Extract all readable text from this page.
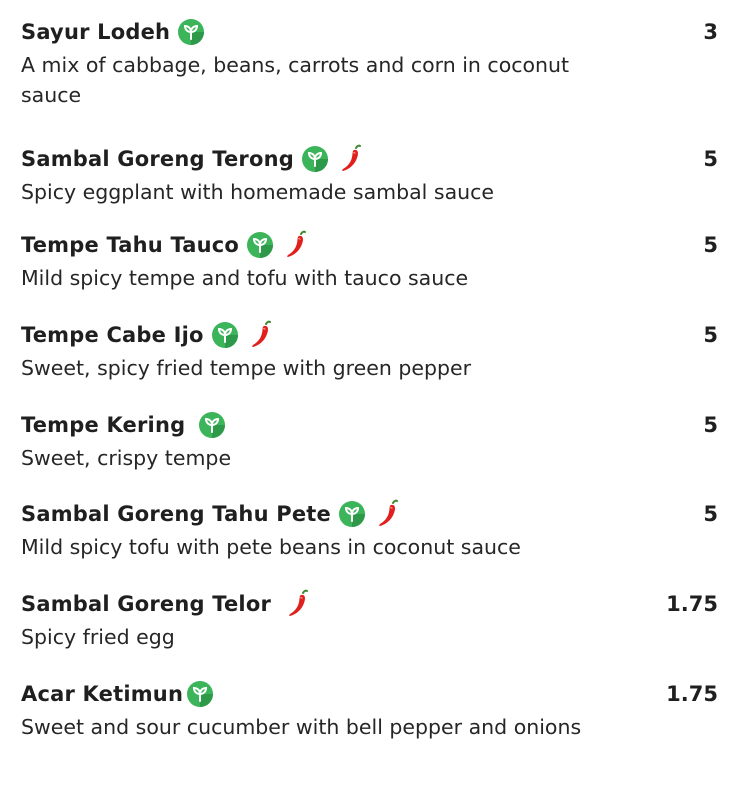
Sayur Lodeh	3
A mix of cabbage, beans, carrots and corn in coconut sauce
Sambal Goreng Terong	5
Spicy eggplant with homemade sambal sauce
Tempe Tahu Tauco	5
Mild spicy tempe and tofu with tauco sauce
Tempe Cabe Ijo	5
Sweet, spicy fried tempe with green pepper
Tempe Kering	5
Sweet, crispy tempe
Sambal Goreng Tahu Pete	5
Mild spicy tofu with pete beans in coconut sauce
Sambal Goreng Telor	1.75
Spicy fried egg
Acar Ketimun	1.75
Sweet and sour cucumber with bell pepper and onions
